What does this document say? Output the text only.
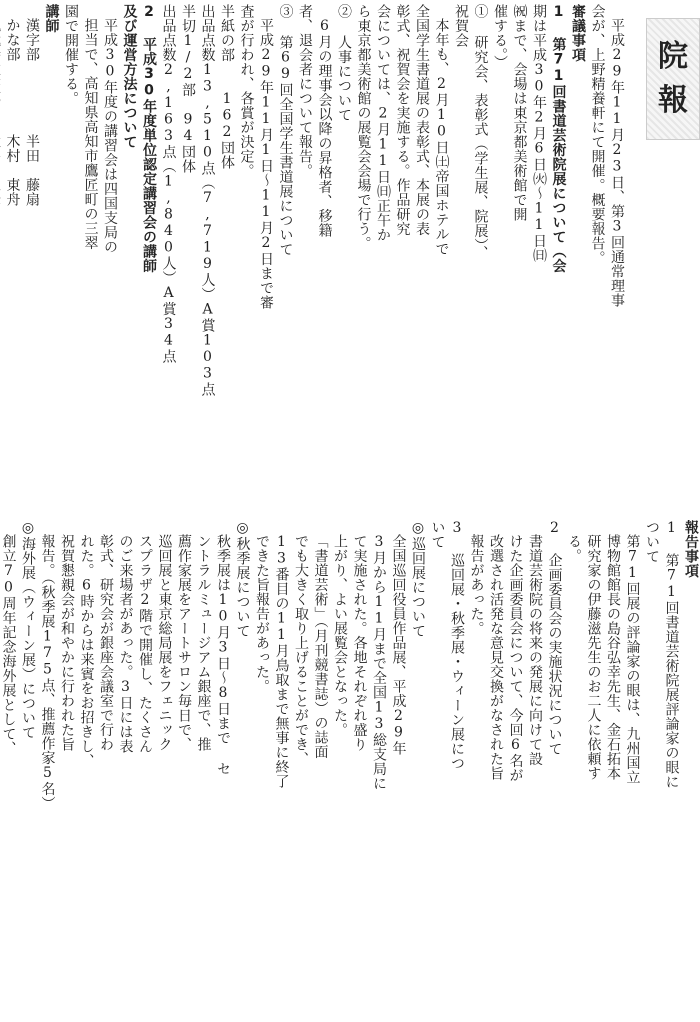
院
報
平成29年11月23日、第3回通常理事
会が、上野精養軒にて開催。概要報告。
審議事項
1 第71回書道芸術院展について（会
期は平成30年2月6日㈫〜11日㈰
㈷まで、会場は東京都美術館で開
催する。）
① 研究会、表彰式（学生展、院展）、
祝賀会
本年も、2月10日㈯帝国ホテルで
全国学生書道展の表彰式、本展の表
彰式、祝賀会を実施する。作品研究
会については、2月11日㈰正午か
ら東京都美術館の展覧会会場で行う。
② 人事について
6月の理事会以降の昇格者、移籍
者、退会者について報告。
③ 第69回全国学生書道展について
平成29年11月1日〜11月2日まで審
査が行われ、各賞が決定。
半紙の部　　162団体
出品点数13,510点（7,719人）A賞103点
半切1/2部　94団体
出品点数2,163点（1,840人）A賞34点
2 平成30年度単位認定講習会の講師
及び運営方法について
平成30年度の講習会は四国支局の
担当で、高知県高知市鷹匠町の三翠
園で開催する。
講師
漢字部　　　　　半田　藤扇
かな部　　　　　木村　東舟
報告事項
1 第71回書道芸術院展評論家の眼に
ついて
第71回展の評論家の眼は、九州国立
博物館館長の島谷弘幸先生、金石拓本
研究家の伊藤滋先生のお二人に依頼す
る。
2 企画委員会の実施状況について
書道芸術院の将来の発展に向けて設
けた企画委員会について、今回6名が
改選され活発な意見交換がなされた旨
報告があった。
3 巡回展・秋季展・ウィーン展につ
いて
◎巡回展について
全国巡回役員作品展、平成29年
3月から11月まで全国13総支局に
て実施された。各地それぞれ盛り
上がり、よい展覧会となった。
「書道芸術」（月刊競書誌）の誌面
でも大きく取り上げることができ、
13番目の11月鳥取まで無事に終了
できた旨報告があった。
◎秋季展について
秋季展は10月3日〜8日まで セ
ントラルミュージアム銀座で、推
薦作家展をアートサロン毎日で、
巡回展と東京総局展をフェニック
スプラザ2階で開催し、たくさん
のご来場者があった。3日には表
彰式、研究会が銀座会議室で行わ
れた。6時からは来賓をお招きし、
祝賀懇親会が和やかに行われた旨
報告。（秋季展175点、推薦作家5名）
◎海外展（ウィーン展）について
創立70周年記念海外展として、
